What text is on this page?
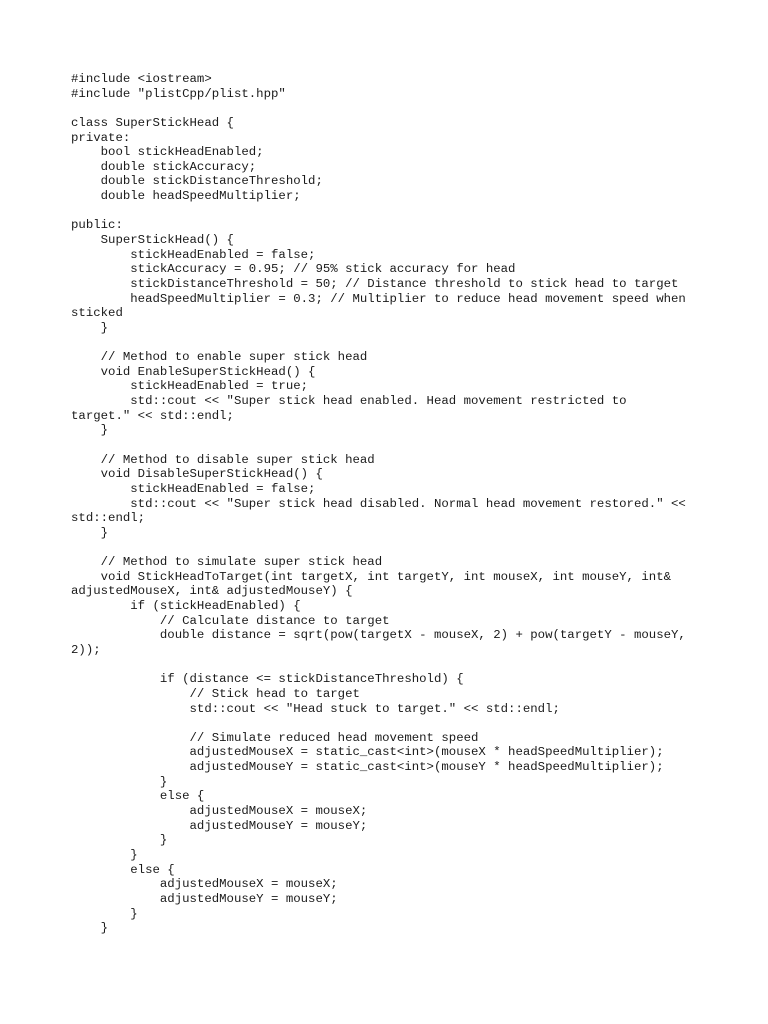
#include <iostream>
#include "plistCpp/plist.hpp"
class SuperStickHead {
private:
bool stickHeadEnabled;
double stickAccuracy;
double stickDistanceThreshold;
double headSpeedMultiplier;
public:
SuperStickHead() {
stickHeadEnabled = false;
stickAccuracy = 0.95; // 95% stick accuracy for head
stickDistanceThreshold = 50; // Distance threshold to stick head to target
headSpeedMultiplier = 0.3; // Multiplier to reduce head movement speed when
sticked
}
// Method to enable super stick head
void EnableSuperStickHead() {
stickHeadEnabled = true;
std::cout << "Super stick head enabled. Head movement restricted to
target." << std::endl;
}
// Method to disable super stick head
void DisableSuperStickHead() {
stickHeadEnabled = false;
std::cout << "Super stick head disabled. Normal head movement restored." <<
std::endl;
}
// Method to simulate super stick head
void StickHeadToTarget(int targetX, int targetY, int mouseX, int mouseY, int&
adjustedMouseX, int& adjustedMouseY) {
if (stickHeadEnabled) {
// Calculate distance to target
double distance = sqrt(pow(targetX - mouseX, 2) + pow(targetY - mouseY,
2));
if (distance <= stickDistanceThreshold) {
// Stick head to target
std::cout << "Head stuck to target." << std::endl;
// Simulate reduced head movement speed
adjustedMouseX = static_cast<int>(mouseX * headSpeedMultiplier);
adjustedMouseY = static_cast<int>(mouseY * headSpeedMultiplier);
}
else {
adjustedMouseX = mouseX;
adjustedMouseY = mouseY;
}
}
else {
adjustedMouseX = mouseX;
adjustedMouseY = mouseY;
}
}
